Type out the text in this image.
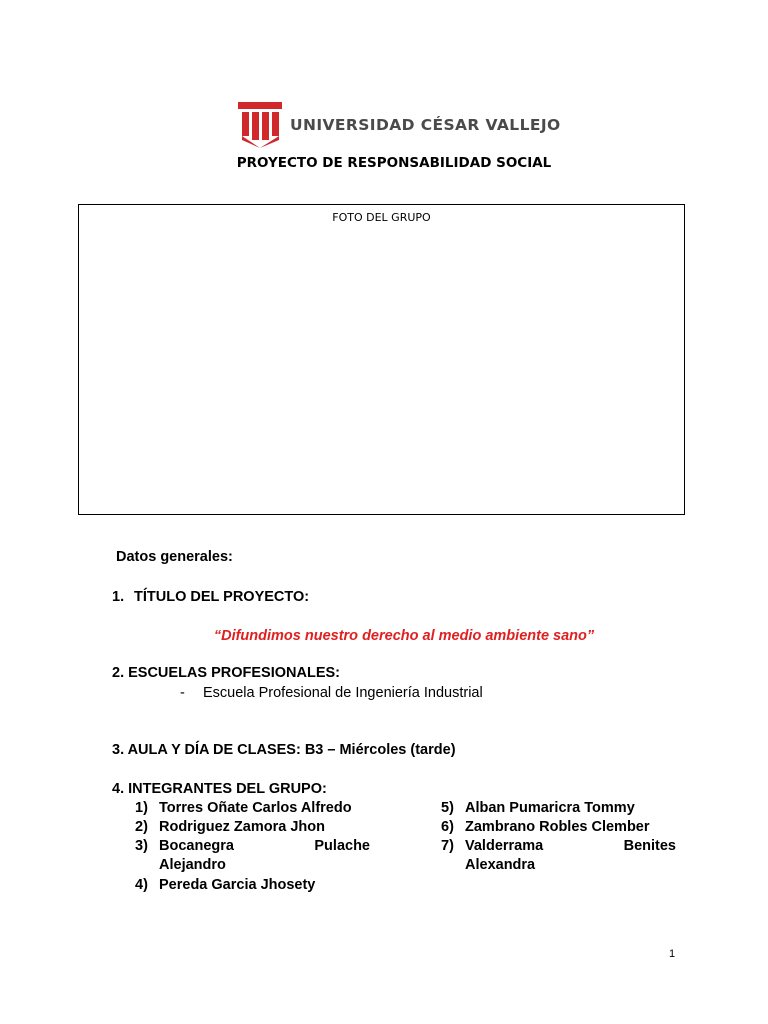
UNIVERSIDAD CÉSAR VALLEJO
PROYECTO DE RESPONSABILIDAD SOCIAL
FOTO DEL GRUPO
Datos generales:
1. TÍTULO DEL PROYECTO:
“Difundimos nuestro derecho al medio ambiente sano”
2. ESCUELAS PROFESIONALES:
- Escuela Profesional de Ingeniería Industrial
3. AULA Y DÍA DE CLASES: B3 – Miércoles (tarde)
4. INTEGRANTES DEL GRUPO:
1) Torres Oñate Carlos Alfredo
2) Rodriguez Zamora Jhon
3) Bocanegra	Pulache
Alejandro
4) Pereda Garcia Jhosety
5) Alban Pumaricra Tommy
6) Zambrano Robles Clember
7) Valderrama	Benites
Alexandra
1
